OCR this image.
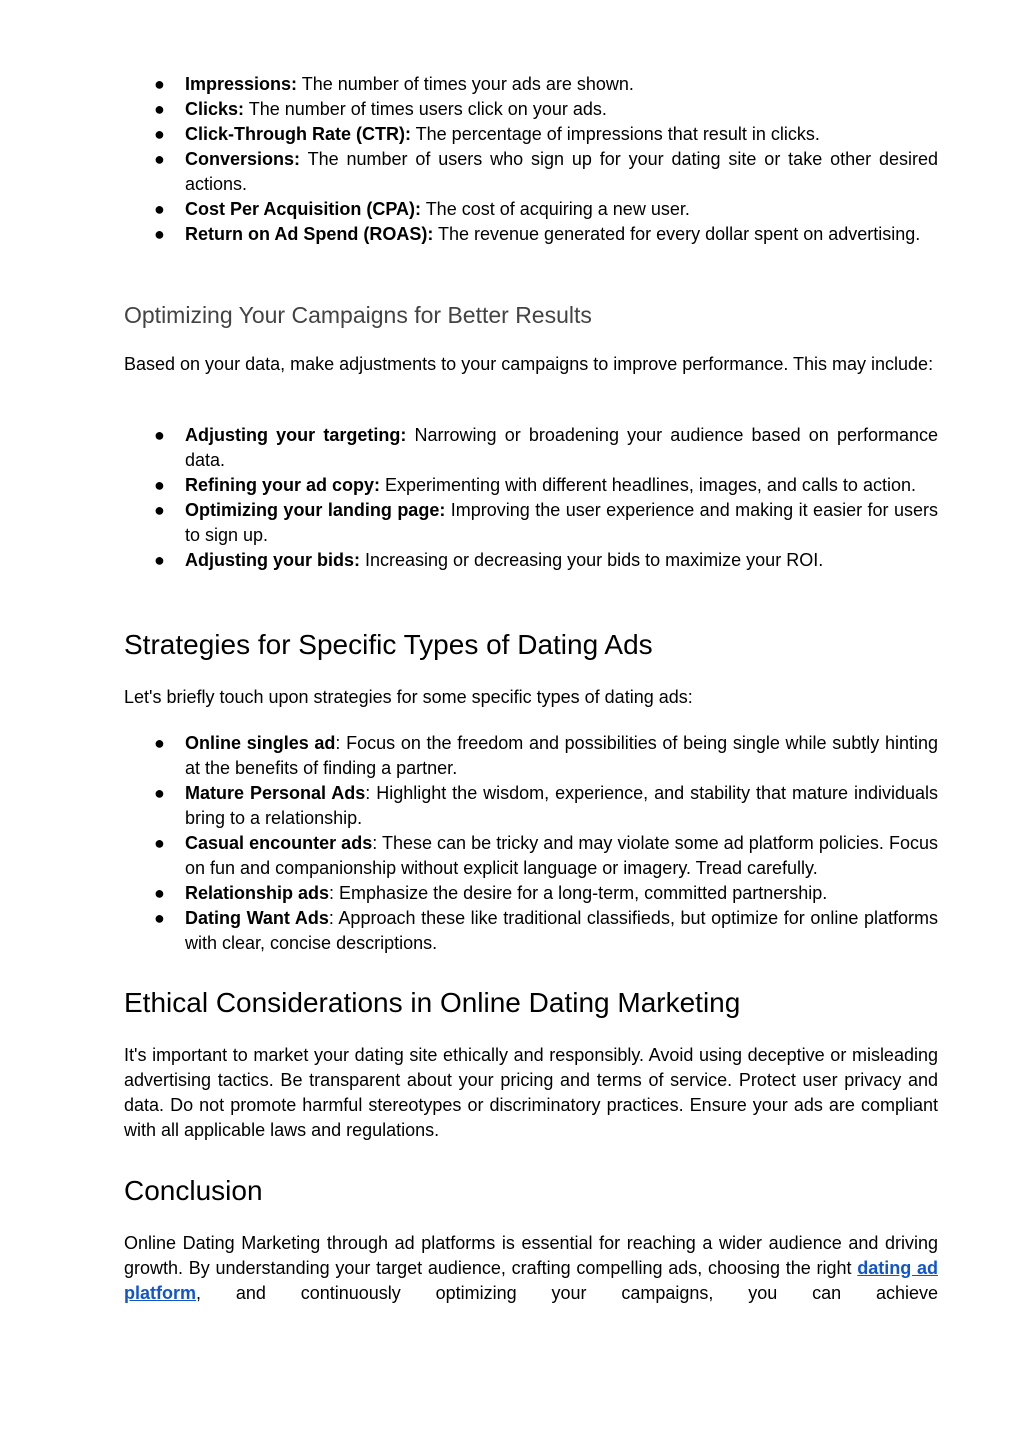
● Impressions: The number of times your ads are shown.
● Clicks: The number of times users click on your ads.
● Click-Through Rate (CTR): The percentage of impressions that result in clicks.
● Conversions: The number of users who sign up for your dating site or take other desired actions.
● Cost Per Acquisition (CPA): The cost of acquiring a new user.
● Return on Ad Spend (ROAS): The revenue generated for every dollar spent on advertising.
Optimizing Your Campaigns for Better Results

Based on your data, make adjustments to your campaigns to improve performance. This may include:

● Adjusting your targeting: Narrowing or broadening your audience based on performance data.
● Refining your ad copy: Experimenting with different headlines, images, and calls to action.
● Optimizing your landing page: Improving the user experience and making it easier for users to sign up.
● Adjusting your bids: Increasing or decreasing your bids to maximize your ROI.
Strategies for Specific Types of Dating Ads

Let's briefly touch upon strategies for some specific types of dating ads:

● Online singles ad: Focus on the freedom and possibilities of being single while subtly hinting at the benefits of finding a partner.
● Mature Personal Ads: Highlight the wisdom, experience, and stability that mature individuals bring to a relationship.
● Casual encounter ads: These can be tricky and may violate some ad platform policies. Focus on fun and companionship without explicit language or imagery. Tread carefully.
● Relationship ads: Emphasize the desire for a long-term, committed partnership.
● Dating Want Ads: Approach these like traditional classifieds, but optimize for online platforms with clear, concise descriptions.
Ethical Considerations in Online Dating Marketing

It's important to market your dating site ethically and responsibly. Avoid using deceptive or misleading advertising tactics. Be transparent about your pricing and terms of service. Protect user privacy and data. Do not promote harmful stereotypes or discriminatory practices. Ensure your ads are compliant with all applicable laws and regulations.

Conclusion

Online Dating Marketing through ad platforms is essential for reaching a wider audience and driving growth. By understanding your target audience, crafting compelling ads, choosing the right dating ad platform, and continuously optimizing your campaigns, you can achieve
